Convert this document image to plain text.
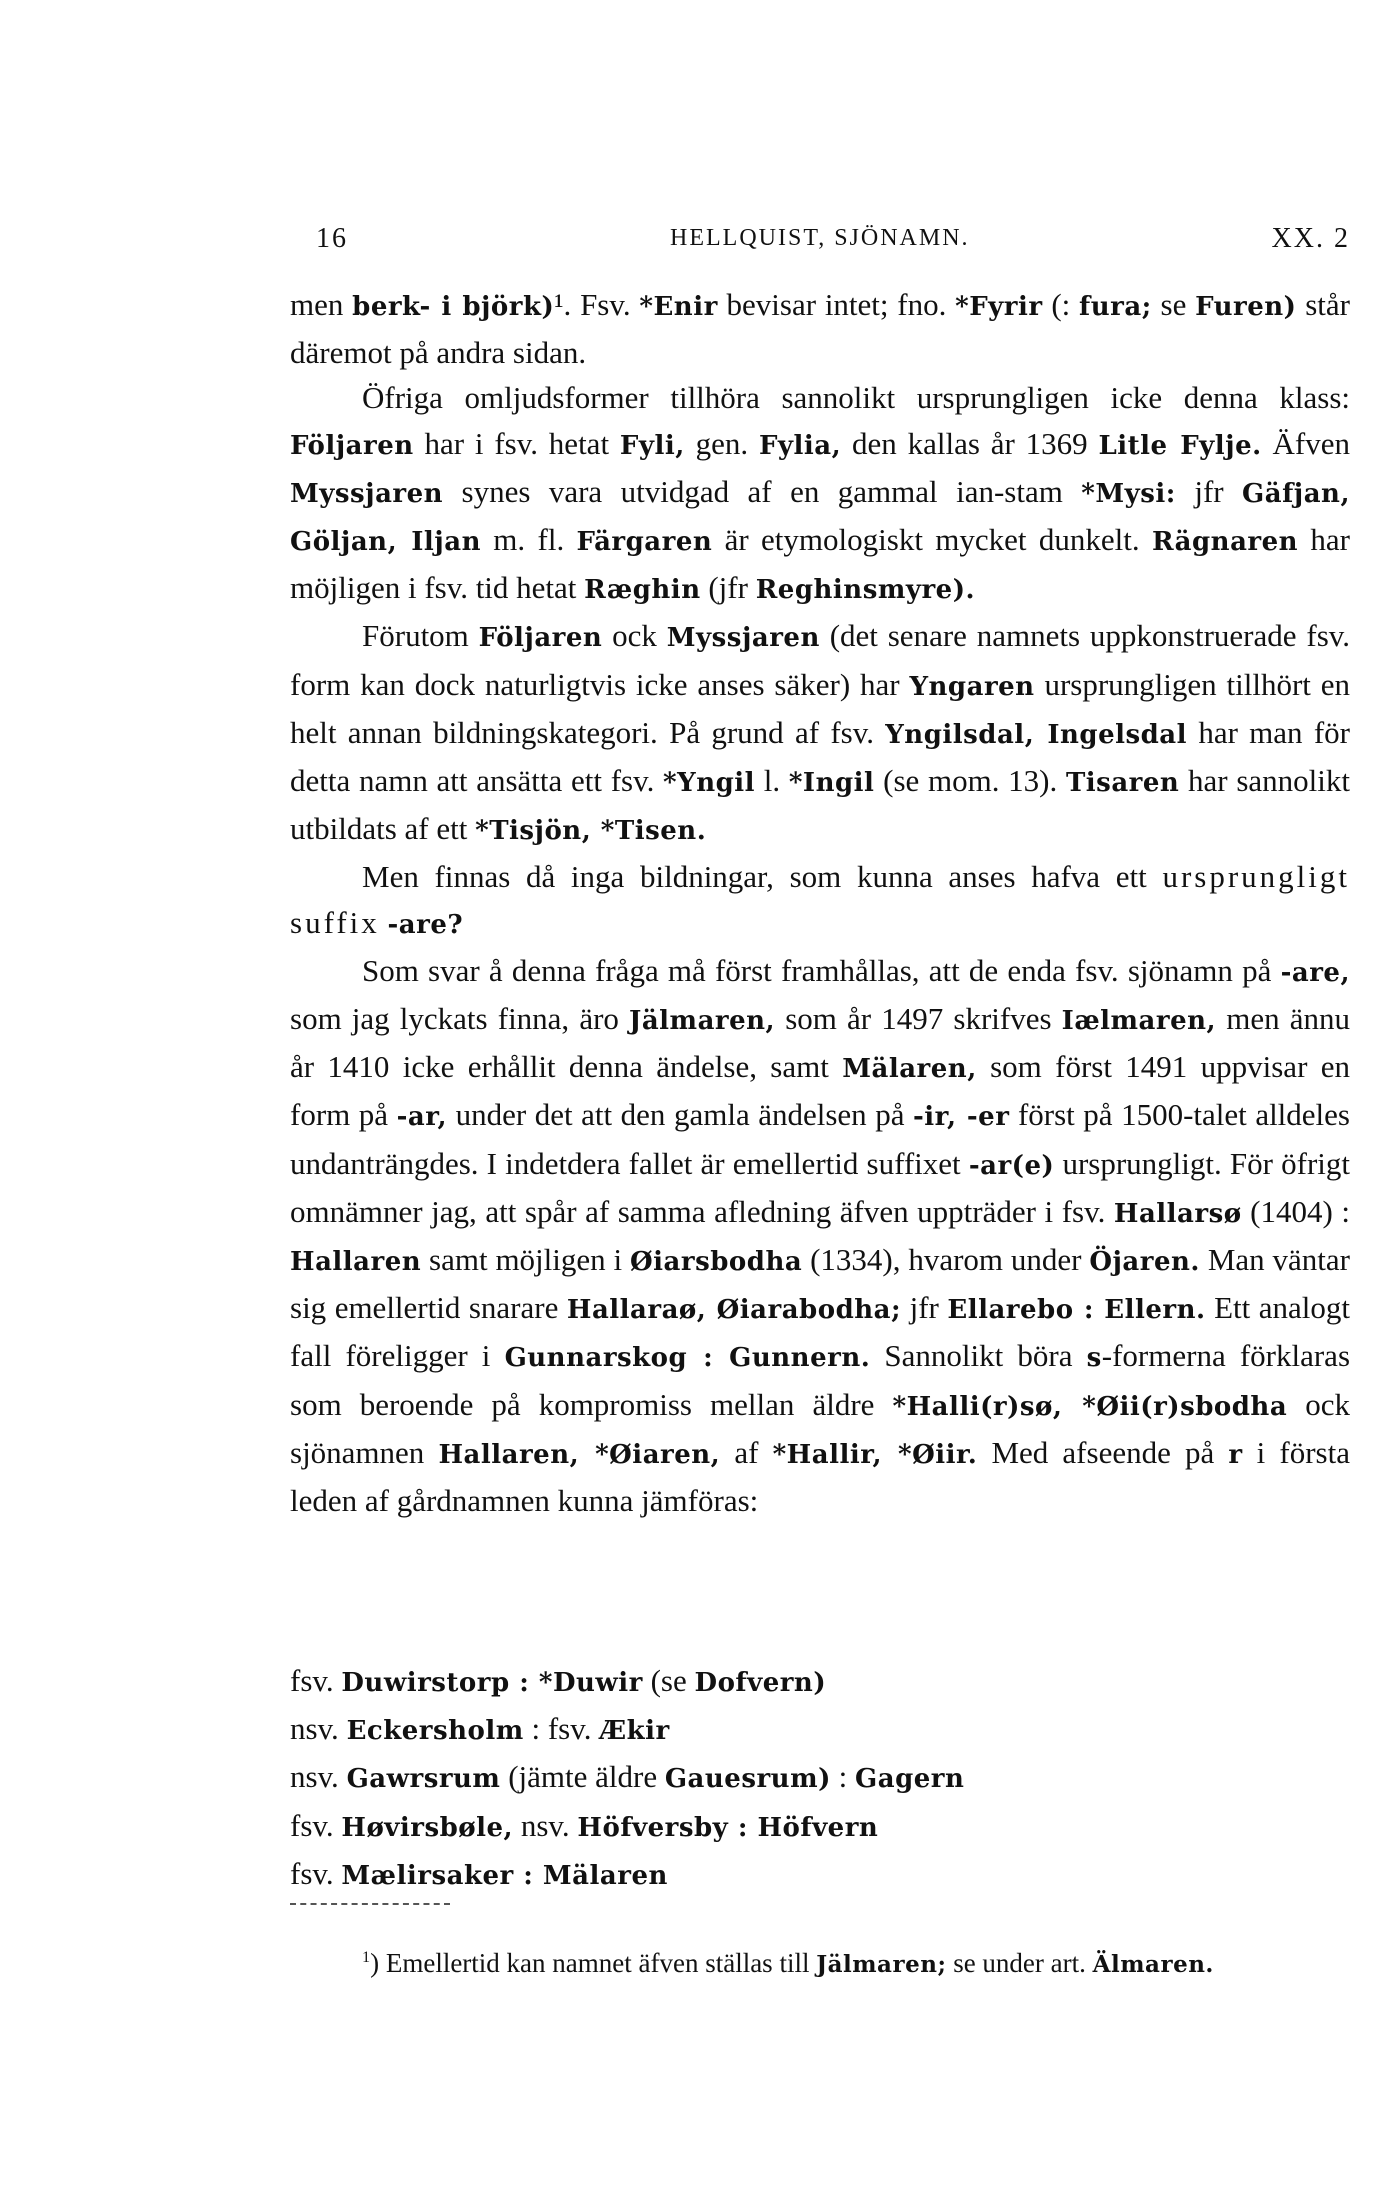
16	HELLQUIST, SJÖNAMN.	XX. 2

men berk- i björk)¹. Fsv. *Enir bevisar intet; fno. *Fyrir (: fura; se Furen) står däremot på andra sidan.

Öfriga omljudsformer tillhöra sannolikt ursprungligen icke denna klass: Följaren har i fsv. hetat Fyli, gen. Fylia, den kallas år 1369 Litle Fylje. Äfven Myssjaren synes vara utvidgad af en gammal ian-stam *Mysi: jfr Gäfjan, Göljan, Iljan m. fl. Färgaren är etymologiskt mycket dunkelt. Rägnaren har möjligen i fsv. tid hetat Ræghin (jfr Reghinsmyre).

Förutom Följaren ock Myssjaren (det senare namnets uppkonstruerade fsv. form kan dock naturligtvis icke anses säker) har Yngaren ursprungligen tillhört en helt annan bildningskategori. På grund af fsv. Yngilsdal, Ingelsdal har man för detta namn att ansätta ett fsv. *Yngil l. *Ingil (se mom. 13). Tisaren har sannolikt utbildats af ett *Tisjön, *Tisen.

Men finnas då inga bildningar, som kunna anses hafva ett ursprungligt suffix -are?

Som svar å denna fråga må först framhållas, att de enda fsv. sjönamn på -are, som jag lyckats finna, äro Jälmaren, som år 1497 skrifves Iælmaren, men ännu år 1410 icke erhållit denna ändelse, samt Mälaren, som först 1491 uppvisar en form på -ar, under det att den gamla ändelsen på -ir, -er först på 1500-talet alldeles undanträngdes. I indetdera fallet är emellertid suffixet -ar(e) ursprungligt. För öfrigt omnämner jag, att spår af samma afledning äfven uppträder i fsv. Hallarsø (1404) : Hallaren samt möjligen i Øiarsbodha (1334), hvarom under Öjaren. Man väntar sig emellertid snarare Hallaraø, Øiarabodha; jfr Ellarebo : Ellern. Ett analogt fall föreligger i Gunnarskog : Gunnern. Sannolikt böra s-formerna förklaras som beroende på kompromiss mellan äldre *Halli(r)sø, *Øii(r)sbodha ock sjönamnen Hallaren, *Øiaren, af *Hallir, *Øiir. Med afseende på r i första leden af gårdnamnen kunna jämföras:

fsv. Duwirstorp : *Duwir (se Dofvern)
nsv. Eckersholm : fsv. Ækir
nsv. Gawrsrum (jämte äldre Gauesrum) : Gagern
fsv. Høvirsbøle, nsv. Höfversby : Höfvern
fsv. Mælirsaker : Mälaren

$^1$) Emellertid kan namnet äfven ställas till Jälmaren; se under art. Älmaren.
